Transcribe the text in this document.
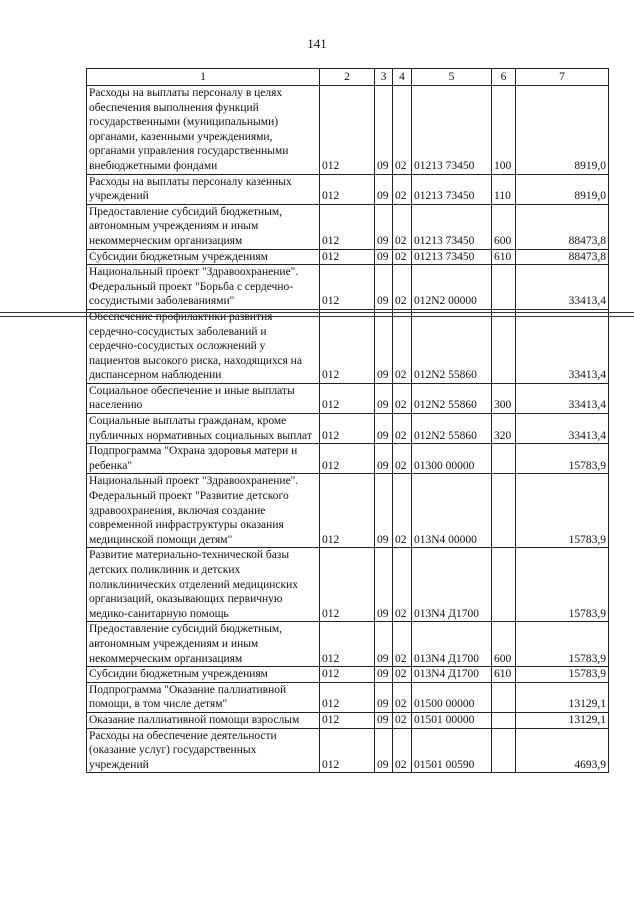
141
1	2	3	4	5	6	7
Расходы на выплаты персоналу в целях обеспечения выполнения функций государственными (муниципальными) органами, казенными учреждениями, органами управления государственными внебюджетными фондами	012	09	02	01213 73450	100	8919,0
Расходы на выплаты персоналу казенных учреждений	012	09	02	01213 73450	110	8919,0
Предоставление субсидий бюджетным, автономным учреждениям и иным некоммерческим организациям	012	09	02	01213 73450	600	88473,8
Субсидии бюджетным учреждениям	012	09	02	01213 73450	610	88473,8
Национальный проект "Здравоохранение". Федеральный проект "Борьба с сердечно-сосудистыми заболеваниями"	012	09	02	012N2 00000		33413,4
Обеспечение профилактики развития сердечно-сосудистых заболеваний и сердечно-сосудистых осложнений у пациентов высокого риска, находящихся на диспансерном наблюдении	012	09	02	012N2 55860		33413,4
Социальное обеспечение и иные выплаты населению	012	09	02	012N2 55860	300	33413,4
Социальные выплаты гражданам, кроме публичных нормативных социальных выплат	012	09	02	012N2 55860	320	33413,4
Подпрограмма "Охрана здоровья матери и ребенка"	012	09	02	01300 00000		15783,9
Национальный проект "Здравоохранение". Федеральный проект "Развитие детского здравоохранения, включая создание современной инфраструктуры оказания медицинской помощи детям"	012	09	02	013N4 00000		15783,9
Развитие материально-технической базы детских поликлиник и детских поликлинических отделений медицинских организаций, оказывающих первичную медико-санитарную помощь	012	09	02	013N4 Д1700		15783,9
Предоставление субсидий бюджетным, автономным учреждениям и иным некоммерческим организациям	012	09	02	013N4 Д1700	600	15783,9
Субсидии бюджетным учреждениям	012	09	02	013N4 Д1700	610	15783,9
Подпрограмма "Оказание паллиативной помощи, в том числе детям"	012	09	02	01500 00000		13129,1
Оказание паллиативной помощи взрослым	012	09	02	01501 00000		13129,1
Расходы на обеспечение деятельности (оказание услуг) государственных учреждений	012	09	02	01501 00590		4693,9
